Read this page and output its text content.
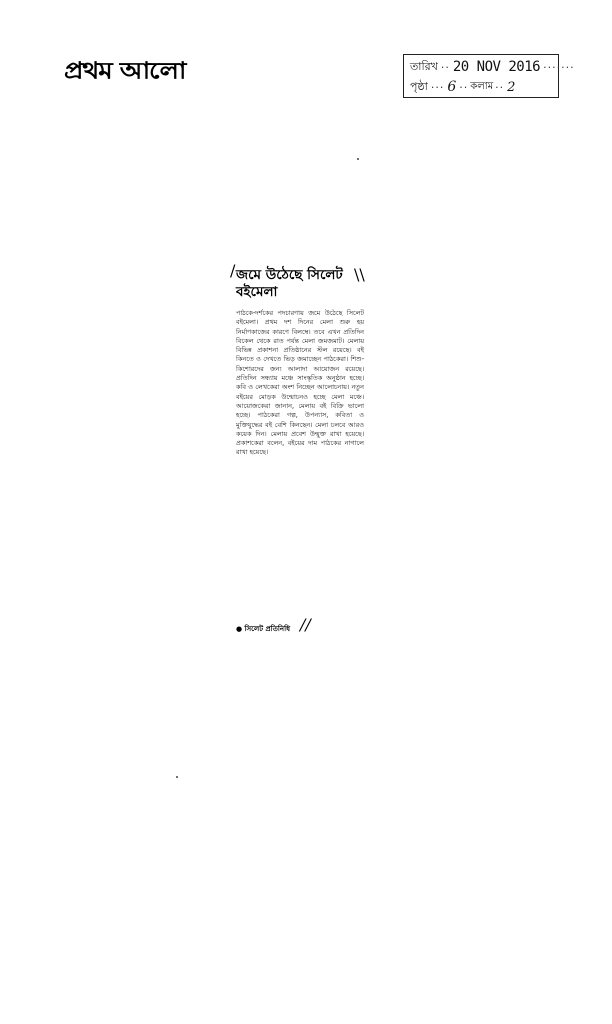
প্রথম আলো	তারিখ ·· 20 NOV 2016 ·······
পৃষ্ঠা ··· 6 ·· কলাম ·· 2
/	\\
জমে উঠেছে সিলেট
বইমেলা
পাঠকে-দর্শকের পদচারণায় জমে উঠেছে সিলেট বইমেলা। প্রথম দশ দিনের মেলা শুরু হয় নির্মাণকাজের কারণে বিলম্বে। তবে এখন প্রতিদিন বিকেল থেকে রাত পর্যন্ত মেলা জমজমাট। মেলায় বিভিন্ন প্রকাশনা প্রতিষ্ঠানের স্টল রয়েছে। বই কিনতে ও দেখতে ভিড় জমাচ্ছেন পাঠকেরা। শিশু-কিশোরদের জন্য আলাদা আয়োজন রয়েছে। প্রতিদিন সন্ধ্যায় মঞ্চে সাংস্কৃতিক অনুষ্ঠান হচ্ছে। কবি ও লেখকেরা অংশ নিচ্ছেন আলোচনায়। নতুন বইয়ের মোড়ক উন্মোচনও হচ্ছে মেলা মঞ্চে। আয়োজকেরা জানান, মেলায় বই বিক্রি ভালো হচ্ছে। পাঠকেরা গল্প, উপন্যাস, কবিতা ও মুক্তিযুদ্ধের বই বেশি কিনছেন। মেলা চলবে আরও কয়েক দিন। মেলায় প্রবেশ উন্মুক্ত রাখা হয়েছে। প্রকাশকেরা বলেন, বইয়ের দাম পাঠকের নাগালে রাখা হয়েছে।
● সিলেট প্রতিনিধি //
